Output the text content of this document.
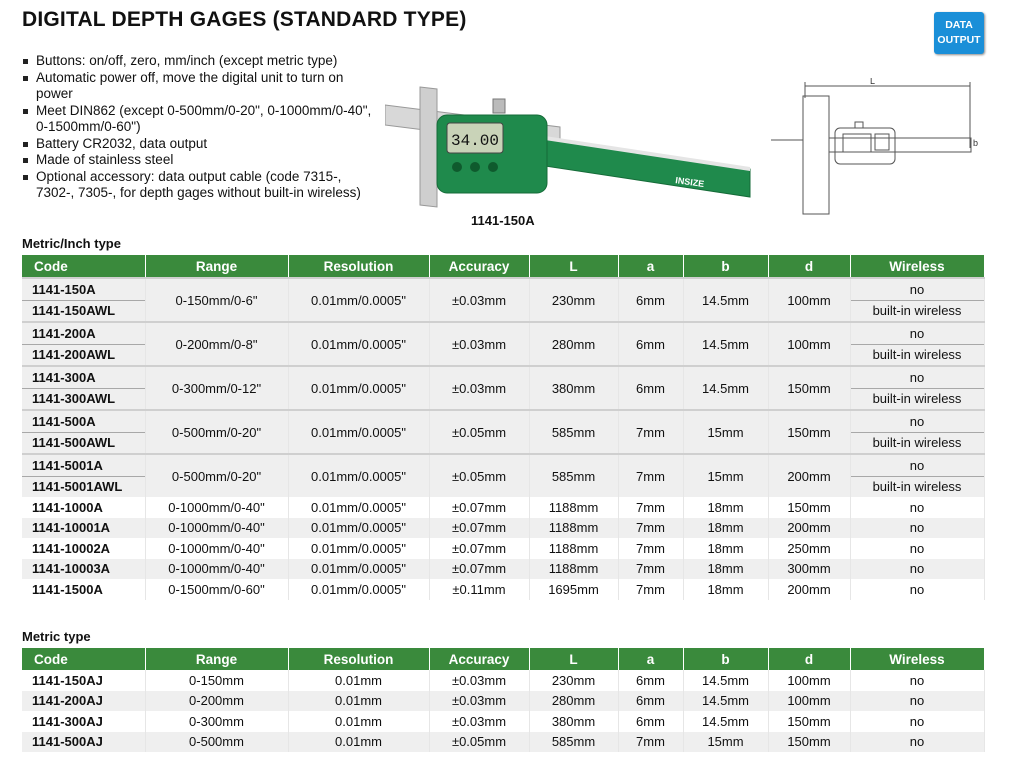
DIGITAL DEPTH GAGES (STANDARD TYPE)	DATA
OUTPUT
Buttons: on/off, zero, mm/inch (except metric type)
Automatic power off, move the digital unit to turn on power
Meet DIN862 (except 0-500mm/0-20", 0-1000mm/0-40", 0-1500mm/0-60")
Battery CR2032, data output
Made of stainless steel
Optional accessory: data output cable (code 7315-, 7302-, 7305-, for depth gages without built-in wireless)
34.00
INSIZE
1141-150A
L
b
Metric/Inch type
Code	Range	Resolution	Accuracy	L	a	b	d	Wireless
1141-150A	0-150mm/0-6"	0.01mm/0.0005"	±0.03mm	230mm	6mm	14.5mm	100mm	no
1141-150AWL								built-in wireless
1141-200A	0-200mm/0-8"	0.01mm/0.0005"	±0.03mm	280mm	6mm	14.5mm	100mm	no
1141-200AWL								built-in wireless
1141-300A	0-300mm/0-12"	0.01mm/0.0005"	±0.03mm	380mm	6mm	14.5mm	150mm	no
1141-300AWL								built-in wireless
1141-500A	0-500mm/0-20"	0.01mm/0.0005"	±0.05mm	585mm	7mm	15mm	150mm	no
1141-500AWL								built-in wireless
1141-5001A	0-500mm/0-20"	0.01mm/0.0005"	±0.05mm	585mm	7mm	15mm	200mm	no
1141-5001AWL								built-in wireless
1141-1000A	0-1000mm/0-40"	0.01mm/0.0005"	±0.07mm	1188mm	7mm	18mm	150mm	no
1141-10001A	0-1000mm/0-40"	0.01mm/0.0005"	±0.07mm	1188mm	7mm	18mm	200mm	no
1141-10002A	0-1000mm/0-40"	0.01mm/0.0005"	±0.07mm	1188mm	7mm	18mm	250mm	no
1141-10003A	0-1000mm/0-40"	0.01mm/0.0005"	±0.07mm	1188mm	7mm	18mm	300mm	no
1141-1500A	0-1500mm/0-60"	0.01mm/0.0005"	±0.11mm	1695mm	7mm	18mm	200mm	no
Metric type
Code	Range	Resolution	Accuracy	L	a	b	d	Wireless
1141-150AJ	0-150mm	0.01mm	±0.03mm	230mm	6mm	14.5mm	100mm	no
1141-200AJ	0-200mm	0.01mm	±0.03mm	280mm	6mm	14.5mm	100mm	no
1141-300AJ	0-300mm	0.01mm	±0.03mm	380mm	6mm	14.5mm	150mm	no
1141-500AJ	0-500mm	0.01mm	±0.05mm	585mm	7mm	15mm	150mm	no
